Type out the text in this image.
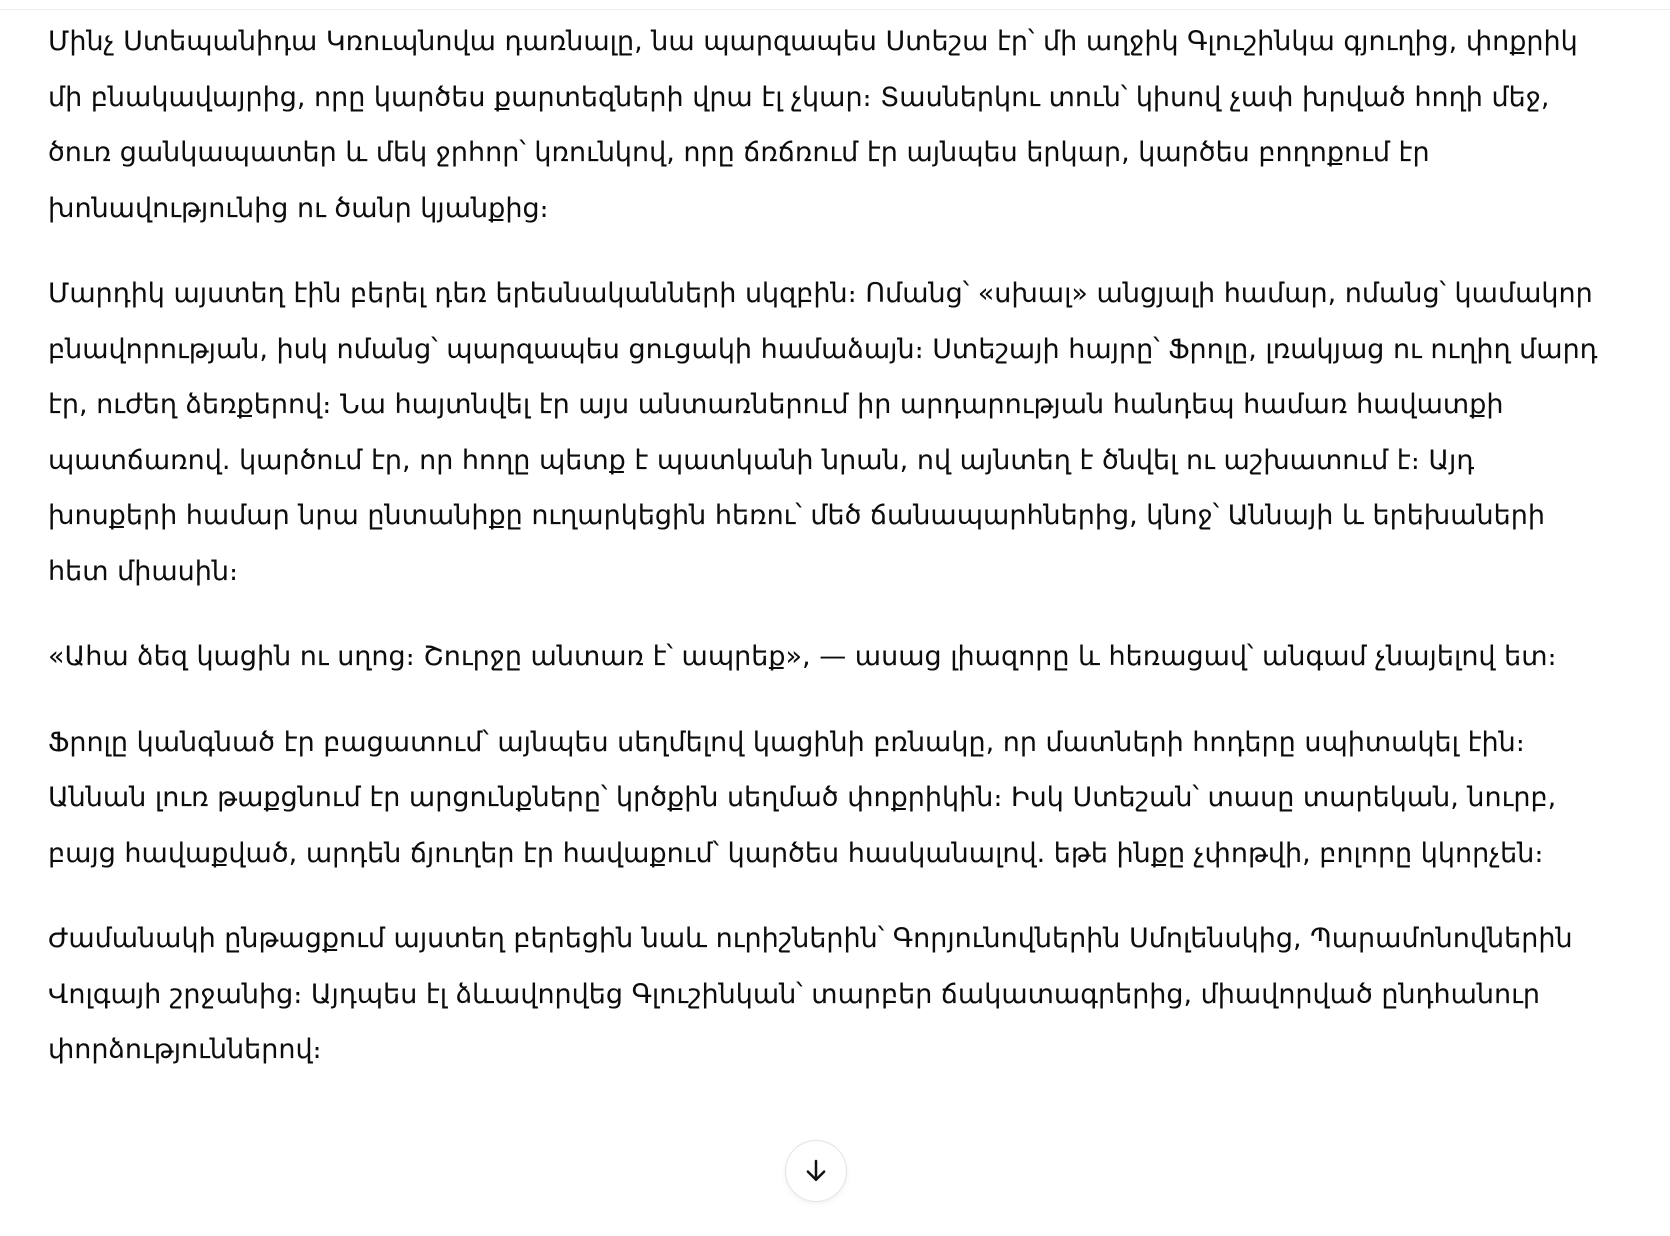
Մինչ Ստեպանիդա Կռուպնովա դառնալը, նա պարզապես Ստեշա էր՝ մի աղջիկ Գլուշինկա գյուղից, փոքրիկ մի բնակավայրից, որը կարծես քարտեզների վրա էլ չկար։ Տասներկու տուն՝ կիսով չափ խրված հողի մեջ, ծուռ ցանկապատեր և մեկ ջրհոր՝ կռունկով, որը ճռճռում էր այնպես երկար, կարծես բողոքում էր խոնավությունից ու ծանր կյանքից։

Մարդիկ այստեղ էին բերել դեռ երեսնականների սկզբին։ Ոմանց՝ «սխալ» անցյալի համար, ոմանց՝ կամակոր բնավորության, իսկ ոմանց՝ պարզապես ցուցակի համաձայն։ Ստեշայի հայրը՝ Ֆրոլը, լռակյաց ու ուղիղ մարդ էր, ուժեղ ձեռքերով։ Նա հայտնվել էր այս անտառներում իր արդարության հանդեպ համառ հավատքի պատճառով. կարծում էր, որ հողը պետք է պատկանի նրան, ով այնտեղ է ծնվել ու աշխատում է։ Այդ խոսքերի համար նրա ընտանիքը ուղարկեցին հեռու՝ մեծ ճանապարհներից, կնոջ՝ Աննայի և երեխաների հետ միասին։

«Ահա ձեզ կացին ու սղոց։ Շուրջը անտառ է՝ ապրեք», — ասաց լիազորը և հեռացավ՝ անգամ չնայելով ետ։

Ֆրոլը կանգնած էր բացատում՝ այնպես սեղմելով կացինի բռնակը, որ մատների հոդերը սպիտակել էին։ Աննան լուռ թաքցնում էր արցունքները՝ կրծքին սեղմած փոքրիկին։ Իսկ Ստեշան՝ տասը տարեկան, նուրբ, բայց հավաքված, արդեն ճյուղեր էր հավաքում՝ կարծես հասկանալով. եթե ինքը չփոթվի, բոլորը կկորչեն։

Ժամանակի ընթացքում այստեղ բերեցին նաև ուրիշներին՝ Գորյունովներին Սմոլենսկից, Պարամոնովներին Վոլգայի շրջանից։ Այդպես էլ ձևավորվեց Գլուշինկան՝ տարբեր ճակատագրերից, միավորված ընդհանուր փորձություններով։
